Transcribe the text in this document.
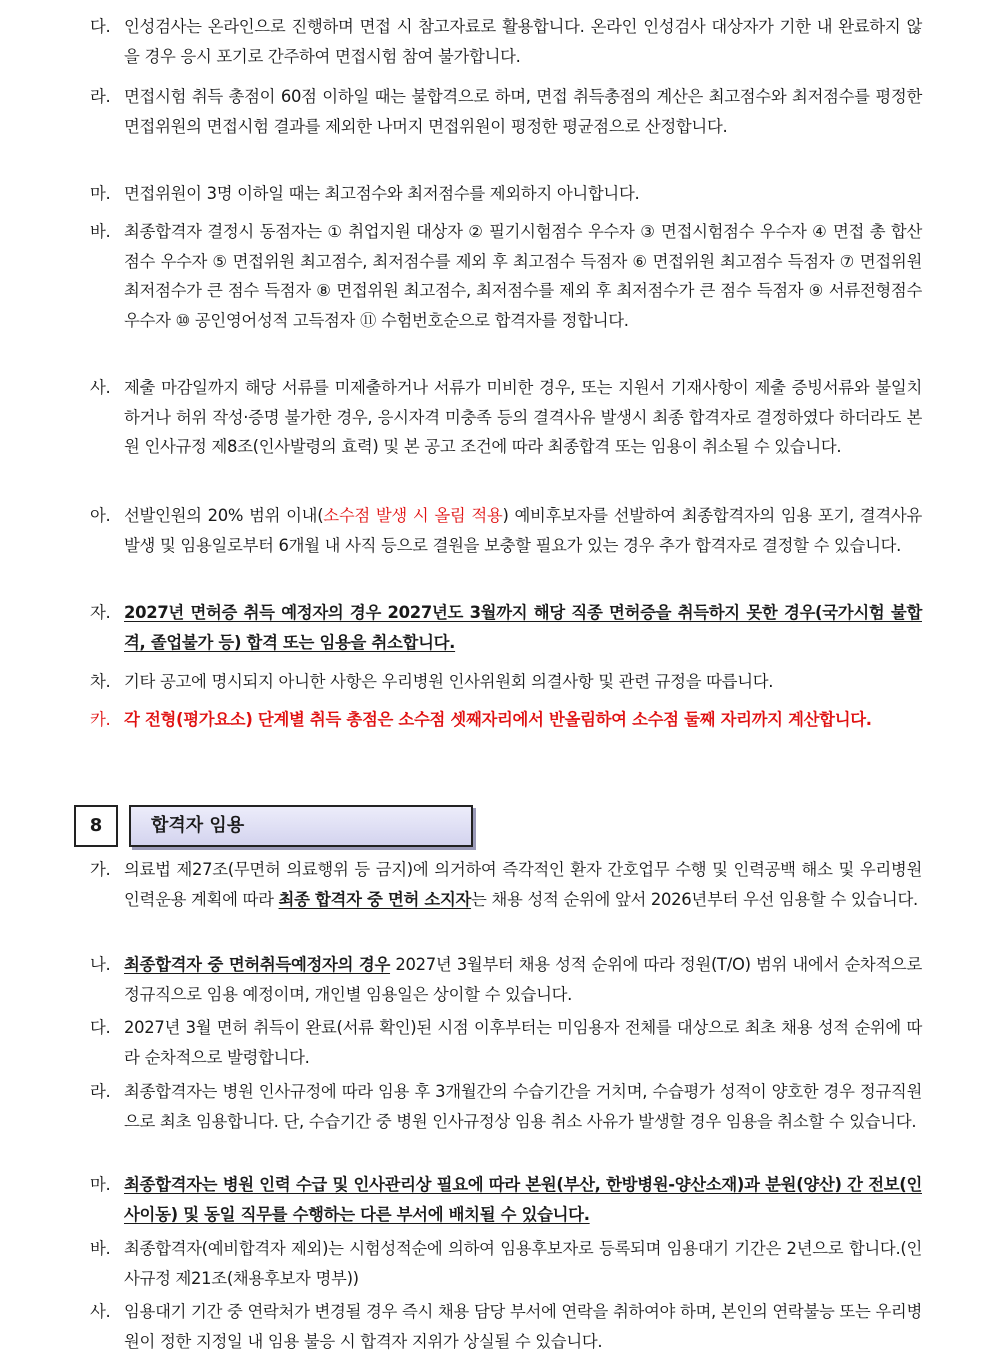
다. 인성검사는 온라인으로 진행하며 면접 시 참고자료로 활용합니다. 온라인 인성검사 대상자가 기한 내 완료하지 않을 경우 응시 포기로 간주하여 면접시험 참여 불가합니다.
라. 면접시험 취득 총점이 60점 이하일 때는 불합격으로 하며, 면접 취득총점의 계산은 최고점수와 최저점수를 평정한 면접위원의 면접시험 결과를 제외한 나머지 면접위원이 평정한 평균점으로 산정합니다.
마. 면접위원이 3명 이하일 때는 최고점수와 최저점수를 제외하지 아니합니다.
바. 최종합격자 결정시 동점자는 ① 취업지원 대상자 ② 필기시험점수 우수자 ③ 면접시험점수 우수자 ④ 면접 총 합산점수 우수자 ⑤ 면접위원 최고점수, 최저점수를 제외 후 최고점수 득점자 ⑥ 면접위원 최고점수 득점자 ⑦ 면접위원 최저점수가 큰 점수 득점자 ⑧ 면접위원 최고점수, 최저점수를 제외 후 최저점수가 큰 점수 득점자 ⑨ 서류전형점수 우수자 ⑩ 공인영어성적 고득점자 ⑪ 수험번호순으로 합격자를 정합니다.
사. 제출 마감일까지 해당 서류를 미제출하거나 서류가 미비한 경우, 또는 지원서 기재사항이 제출 증빙서류와 불일치하거나 허위 작성·증명 불가한 경우, 응시자격 미충족 등의 결격사유 발생시 최종 합격자로 결정하였다 하더라도 본원 인사규정 제8조(인사발령의 효력) 및 본 공고 조건에 따라 최종합격 또는 임용이 취소될 수 있습니다.
아. 선발인원의 20% 범위 이내(소수점 발생 시 올림 적용) 예비후보자를 선발하여 최종합격자의 임용 포기, 결격사유 발생 및 임용일로부터 6개월 내 사직 등으로 결원을 보충할 필요가 있는 경우 추가 합격자로 결정할 수 있습니다.
자. 2027년 면허증 취득 예정자의 경우 2027년도 3월까지 해당 직종 면허증을 취득하지 못한 경우(국가시험 불합격, 졸업불가 등) 합격 또는 임용을 취소합니다.
차. 기타 공고에 명시되지 아니한 사항은 우리병원 인사위원회 의결사항 및 관련 규정을 따릅니다.
카. 각 전형(평가요소) 단계별 취득 총점은 소수점 셋째자리에서 반올림하여 소수점 둘째 자리까지 계산합니다.
8	합격자 임용
가. 의료법 제27조(무면허 의료행위 등 금지)에 의거하여 즉각적인 환자 간호업무 수행 및 인력공백 해소 및 우리병원 인력운용 계획에 따라 최종 합격자 중 면허 소지자는 채용 성적 순위에 앞서 2026년부터 우선 임용할 수 있습니다.
나. 최종합격자 중 면허취득예정자의 경우 2027년 3월부터 채용 성적 순위에 따라 정원(T/O) 범위 내에서 순차적으로 정규직으로 임용 예정이며, 개인별 임용일은 상이할 수 있습니다.
다. 2027년 3월 면허 취득이 완료(서류 확인)된 시점 이후부터는 미임용자 전체를 대상으로 최초 채용 성적 순위에 따라 순차적으로 발령합니다.
라. 최종합격자는 병원 인사규정에 따라 임용 후 3개월간의 수습기간을 거치며, 수습평가 성적이 양호한 경우 정규직원으로 최초 임용합니다. 단, 수습기간 중 병원 인사규정상 임용 취소 사유가 발생할 경우 임용을 취소할 수 있습니다.
마. 최종합격자는 병원 인력 수급 및 인사관리상 필요에 따라 본원(부산, 한방병원-양산소재)과 분원(양산) 간 전보(인사이동) 및 동일 직무를 수행하는 다른 부서에 배치될 수 있습니다.
바. 최종합격자(예비합격자 제외)는 시험성적순에 의하여 임용후보자로 등록되며 임용대기 기간은 2년으로 합니다.(인사규정 제21조(채용후보자 명부))
사. 임용대기 기간 중 연락처가 변경될 경우 즉시 채용 담당 부서에 연락을 취하여야 하며, 본인의 연락불능 또는 우리병원이 정한 지정일 내 임용 불응 시 합격자 지위가 상실될 수 있습니다.
